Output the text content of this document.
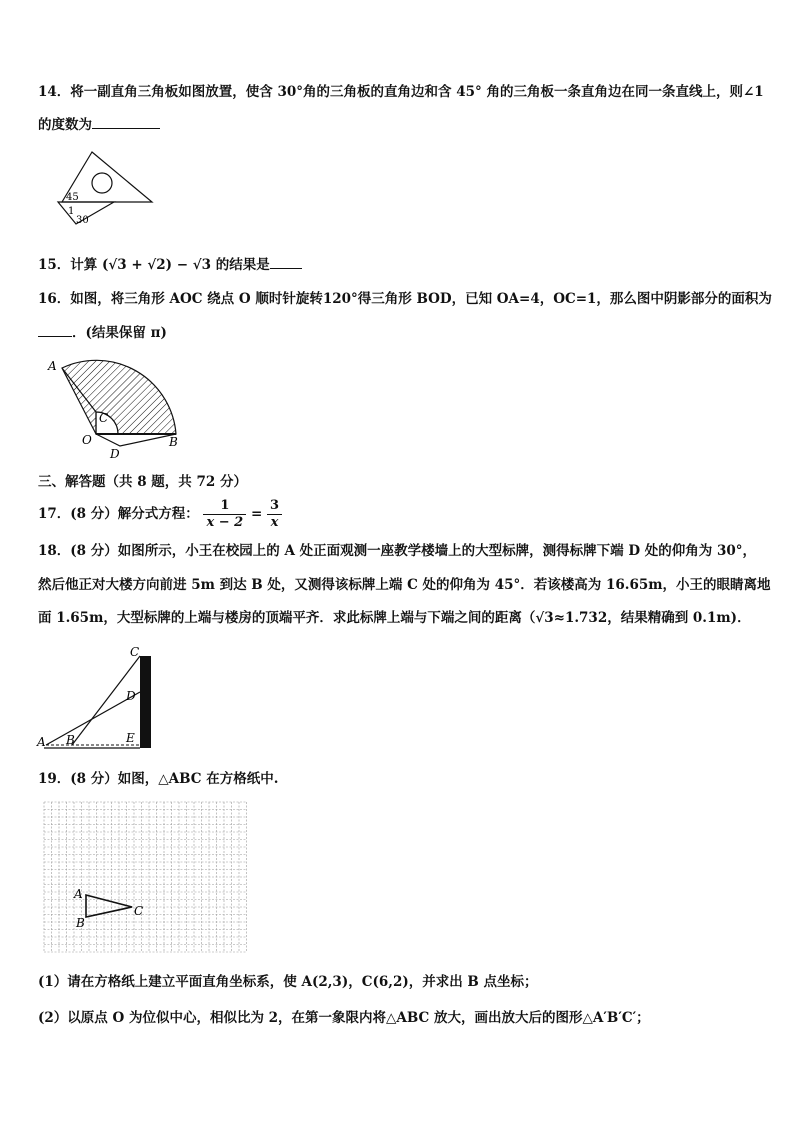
14．将一副直角三角板如图放置，使含 30°角的三角板的直角边和含 45° 角的三角板一条直角边在同一条直线上，则∠1
的度数为
45
1
30
15．计算 (√3 + √2) − √3 的结果是
16．如图，将三角形 AOC 绕点 O 顺时针旋转120°得三角形 BOD，已知 OA=4，OC=1，那么图中阴影部分的面积为
．(结果保留 π)
A
C
O
D
B
三、解答题（共 8 题，共 72 分）
17．(8 分）解分式方程： $\frac{1}{x - 2} = \frac{3}{x}$
18．(8 分）如图所示，小王在校园上的 A 处正面观测一座教学楼墙上的大型标牌，测得标牌下端 D 处的仰角为 30°，
然后他正对大楼方向前进 5m 到达 B 处，又测得该标牌上端 C 处的仰角为 45°．若该楼高为 16.65m，小王的眼睛离地
面 1.65m，大型标牌的上端与楼房的顶端平齐．求此标牌上端与下端之间的距离（√3≈1.732，结果精确到 0.1m)．
C
D
A B	E
19．(8 分）如图，△ABC 在方格纸中.
A
B
C
(1）请在方格纸上建立平面直角坐标系，使 A(2,3)，C(6,2)，并求出 B 点坐标；
(2）以原点 O 为位似中心，相似比为 2，在第一象限内将△ABC 放大，画出放大后的图形△A′B′C′；
